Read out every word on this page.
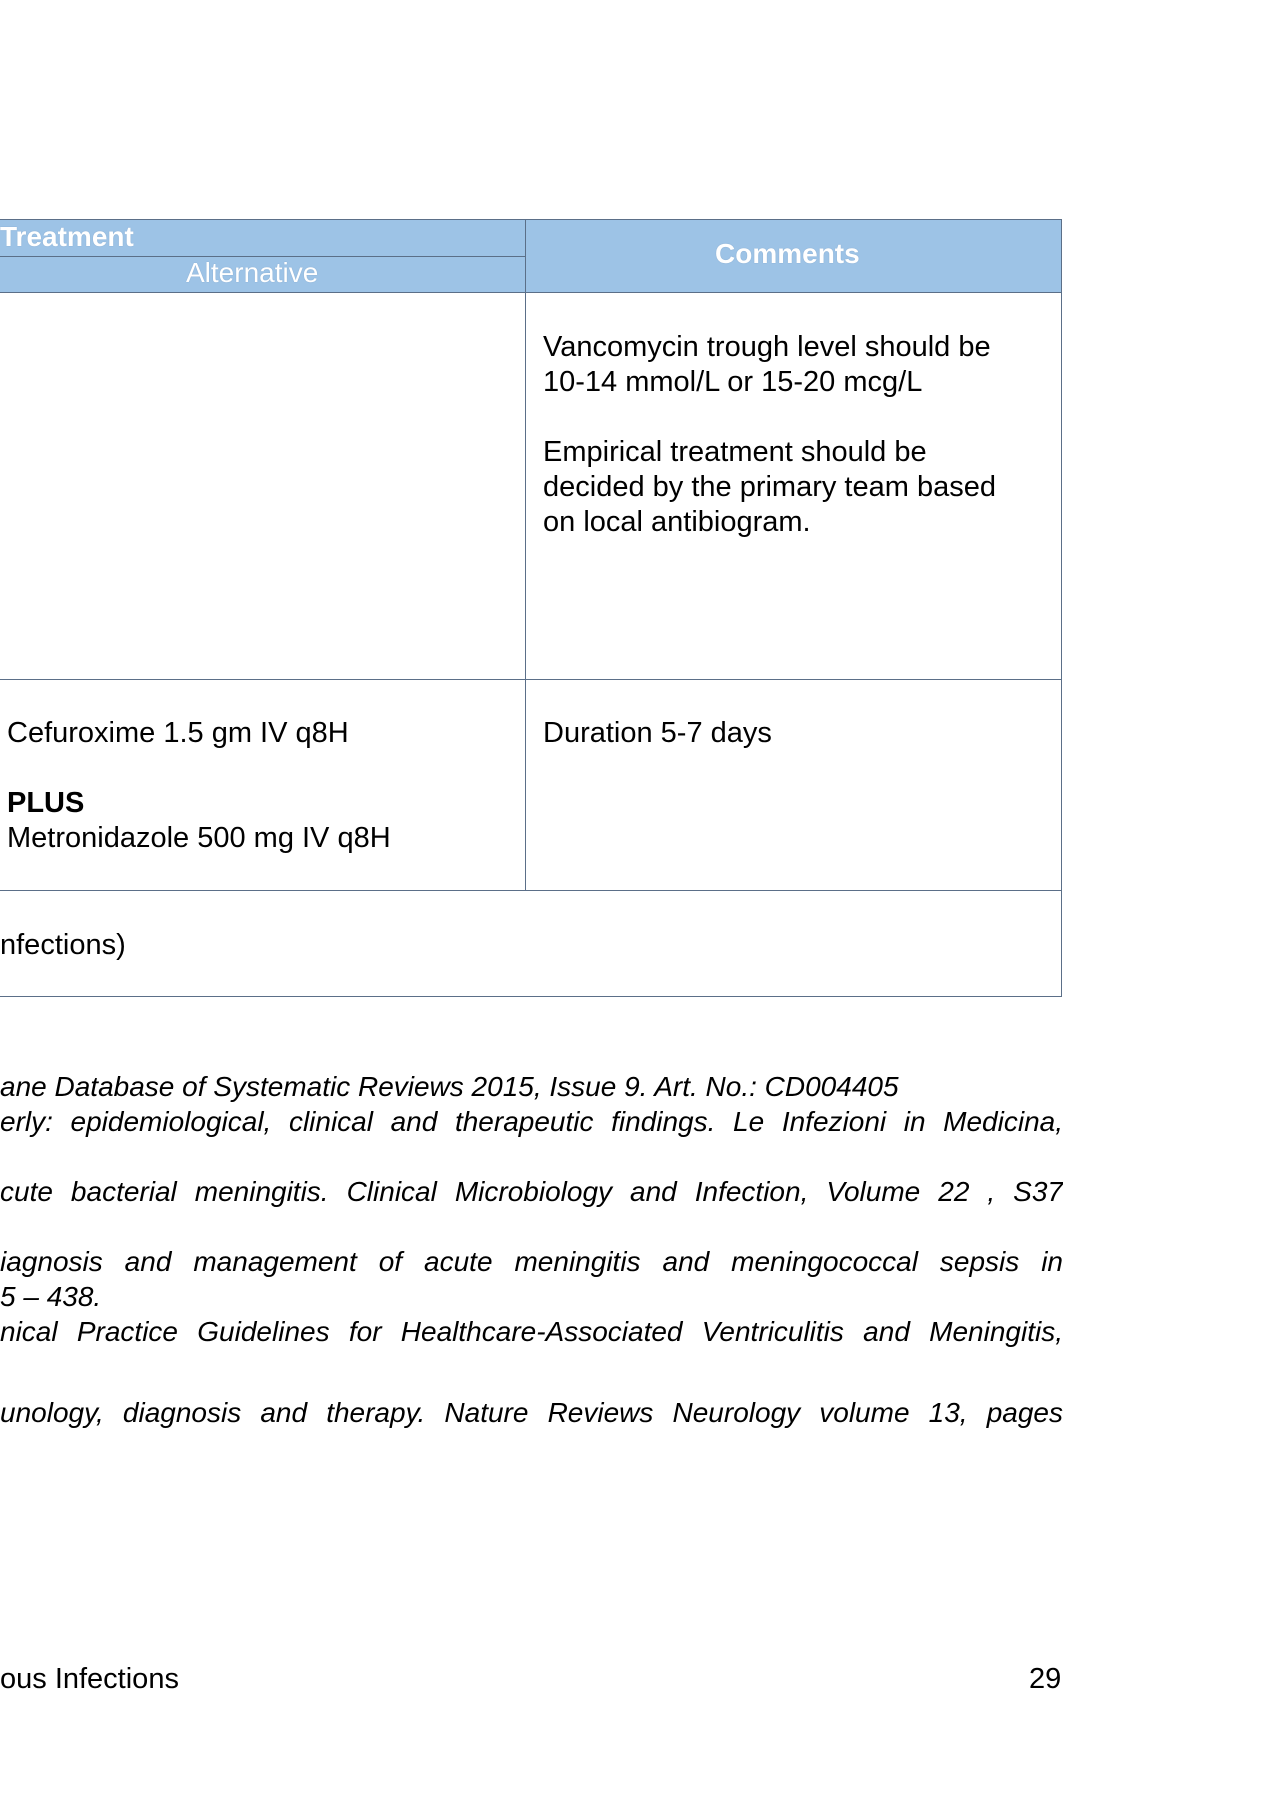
Treatment
Alternative
Comments
Vancomycin trough level should be
10-14 mmol/L or 15-20 mcg/L
Empirical treatment should be
decided by the primary team based
on local antibiogram.
Cefuroxime 1.5 gm IV q8H
PLUS
Metronidazole 500 mg IV q8H
Duration 5-7 days
nfections)
ane Database of Systematic Reviews 2015, Issue 9. Art. No.: CD004405
erly: epidemiological, clinical and therapeutic findings. Le Infezioni in Medicina,
cute bacterial meningitis. Clinical Microbiology and Infection, Volume 22 , S37
iagnosis and management of acute meningitis and meningococcal sepsis in
5 – 438.
nical Practice Guidelines for Healthcare-Associated Ventriculitis and Meningitis,
unology, diagnosis and therapy. Nature Reviews Neurology volume 13, pages
ous Infections	29
